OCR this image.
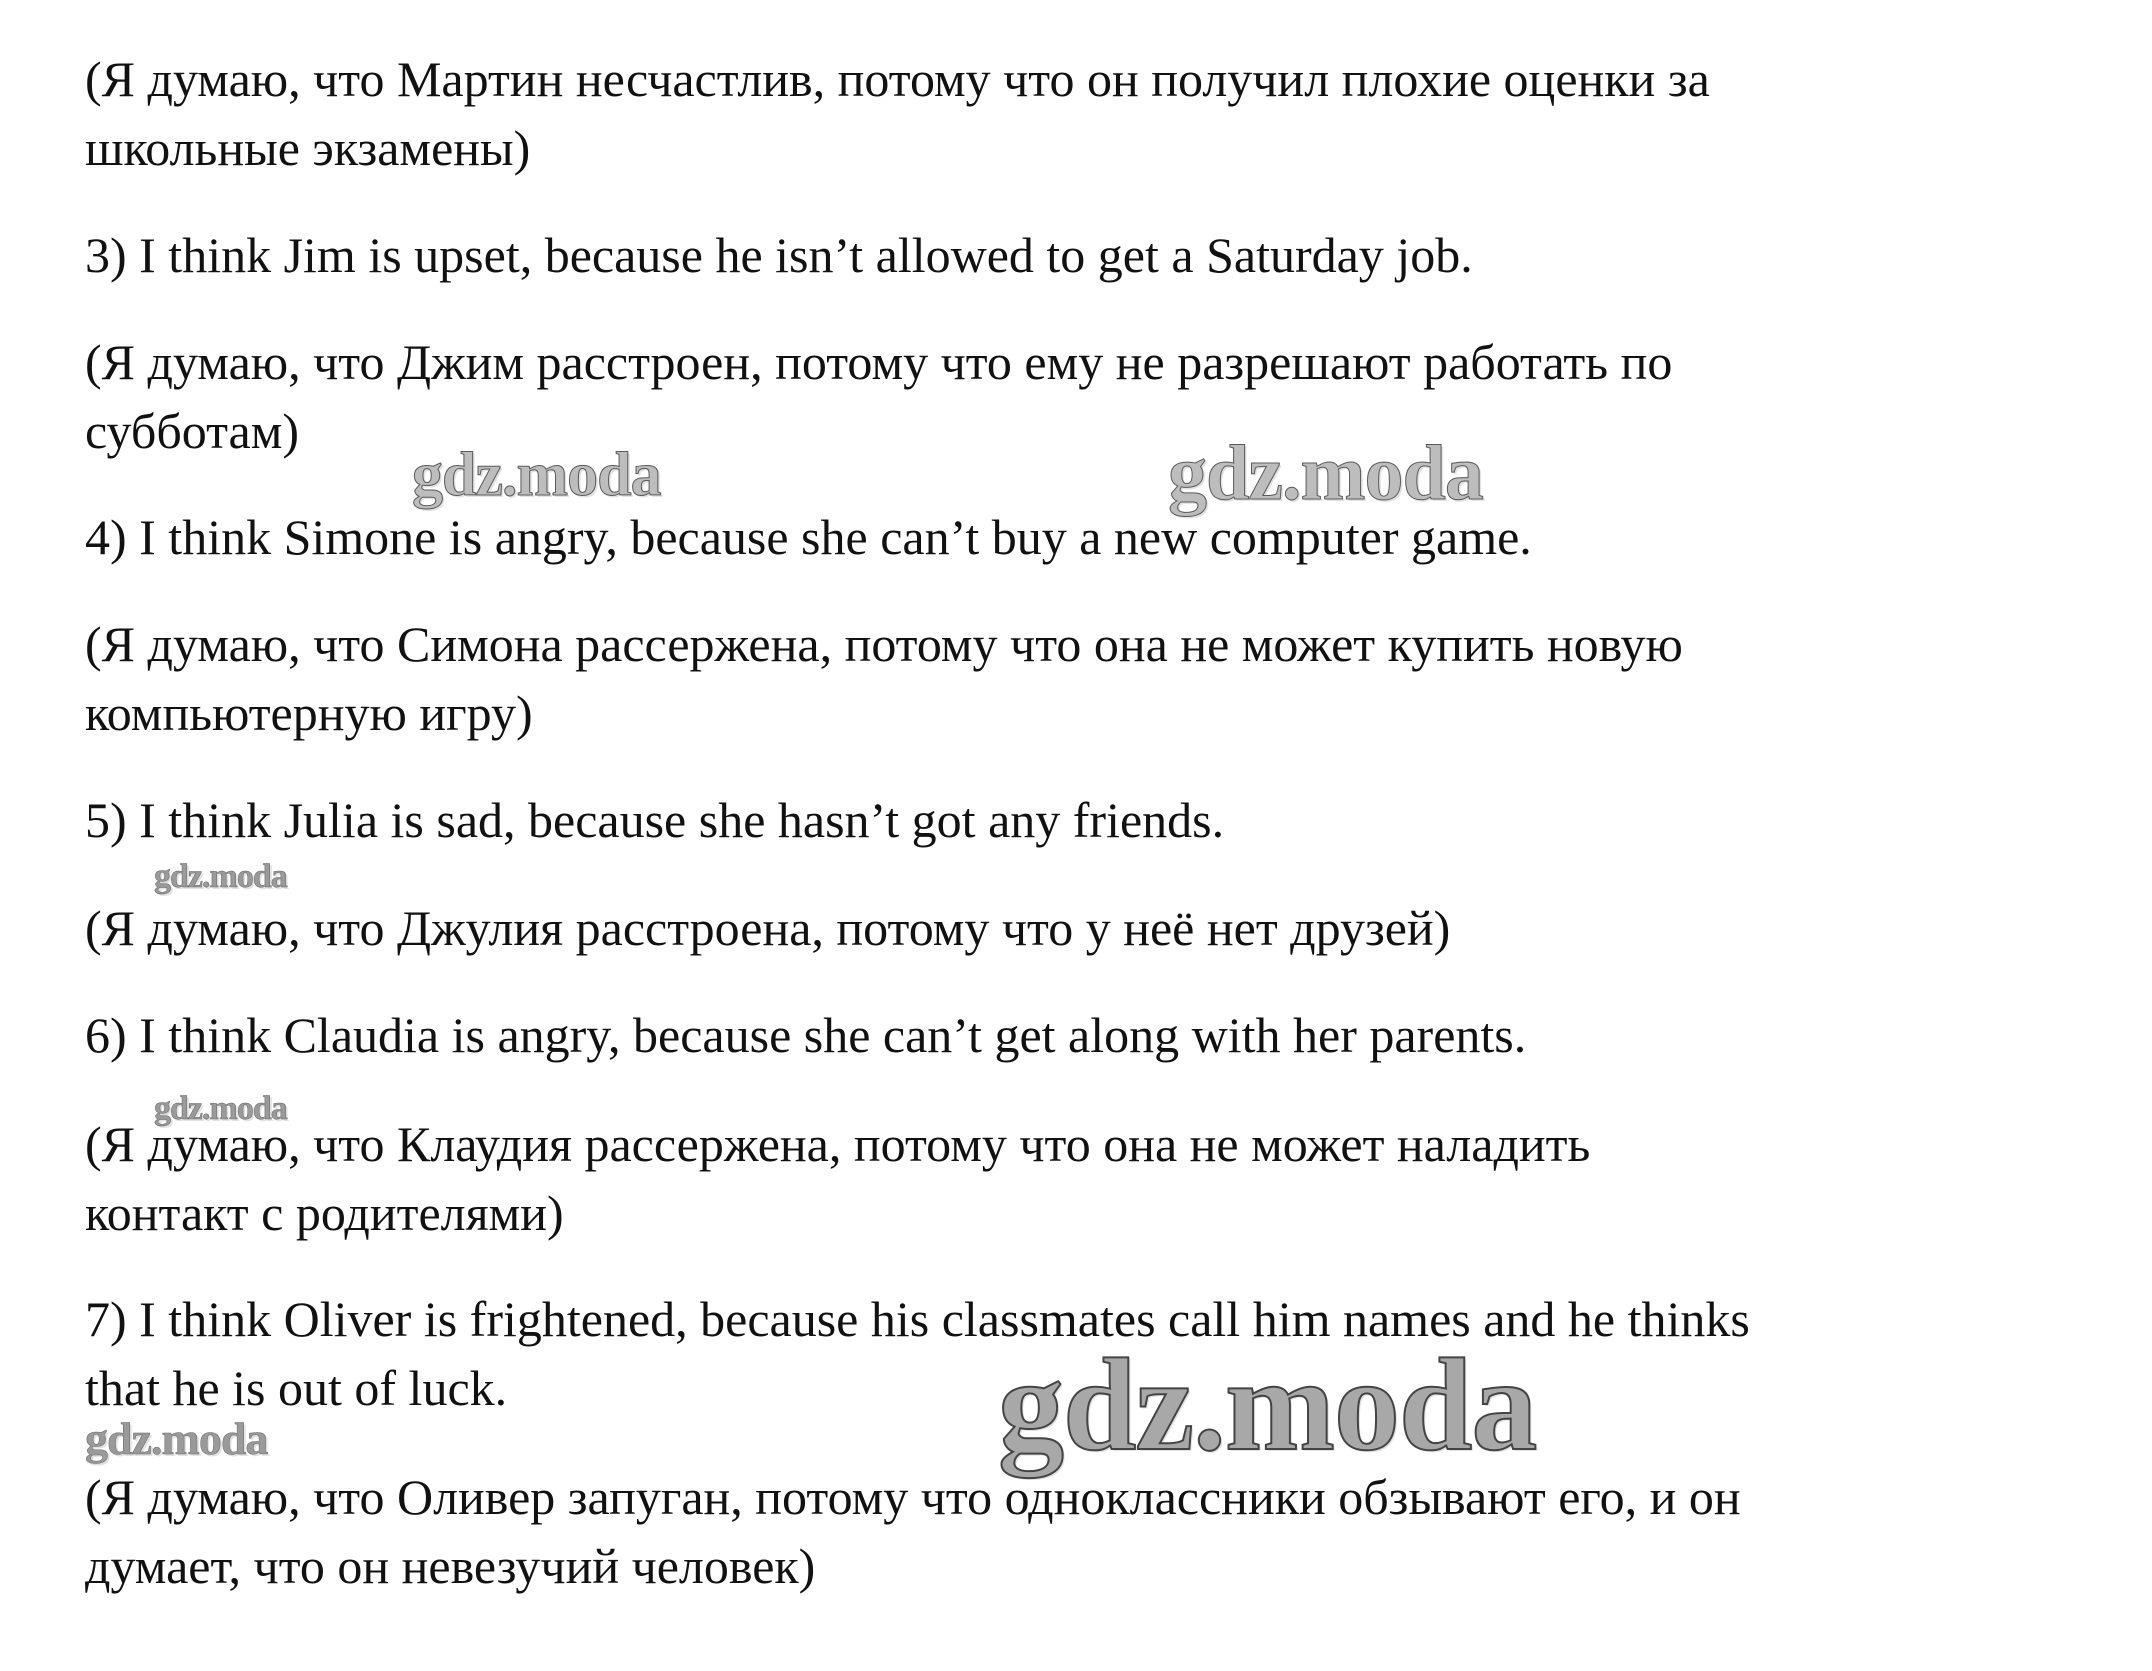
(Я думаю, что Мартин несчастлив, потому что он получил плохие оценки за
школьные экзамены)

3) I think Jim is upset, because he isn’t allowed to get a Saturday job.

(Я думаю, что Джим расстроен, потому что ему не разрешают работать по
субботам)

4) I think Simone is angry, because she can’t buy a new computer game.

(Я думаю, что Симона рассержена, потому что она не может купить новую
компьютерную игру)

5) I think Julia is sad, because she hasn’t got any friends.

(Я думаю, что Джулия расстроена, потому что у неё нет друзей)

6) I think Claudia is angry, because she can’t get along with her parents.

(Я думаю, что Клаудия рассержена, потому что она не может наладить
контакт с родителями)

7) I think Oliver is frightened, because his classmates call him names and he thinks
that he is out of luck.

(Я думаю, что Оливер запуган, потому что одноклассники обзывают его, и он
думает, что он невезучий человек)

gdz.moda	gdz.moda
gdz.moda
gdz.moda
gdz.moda
gdz.moda
